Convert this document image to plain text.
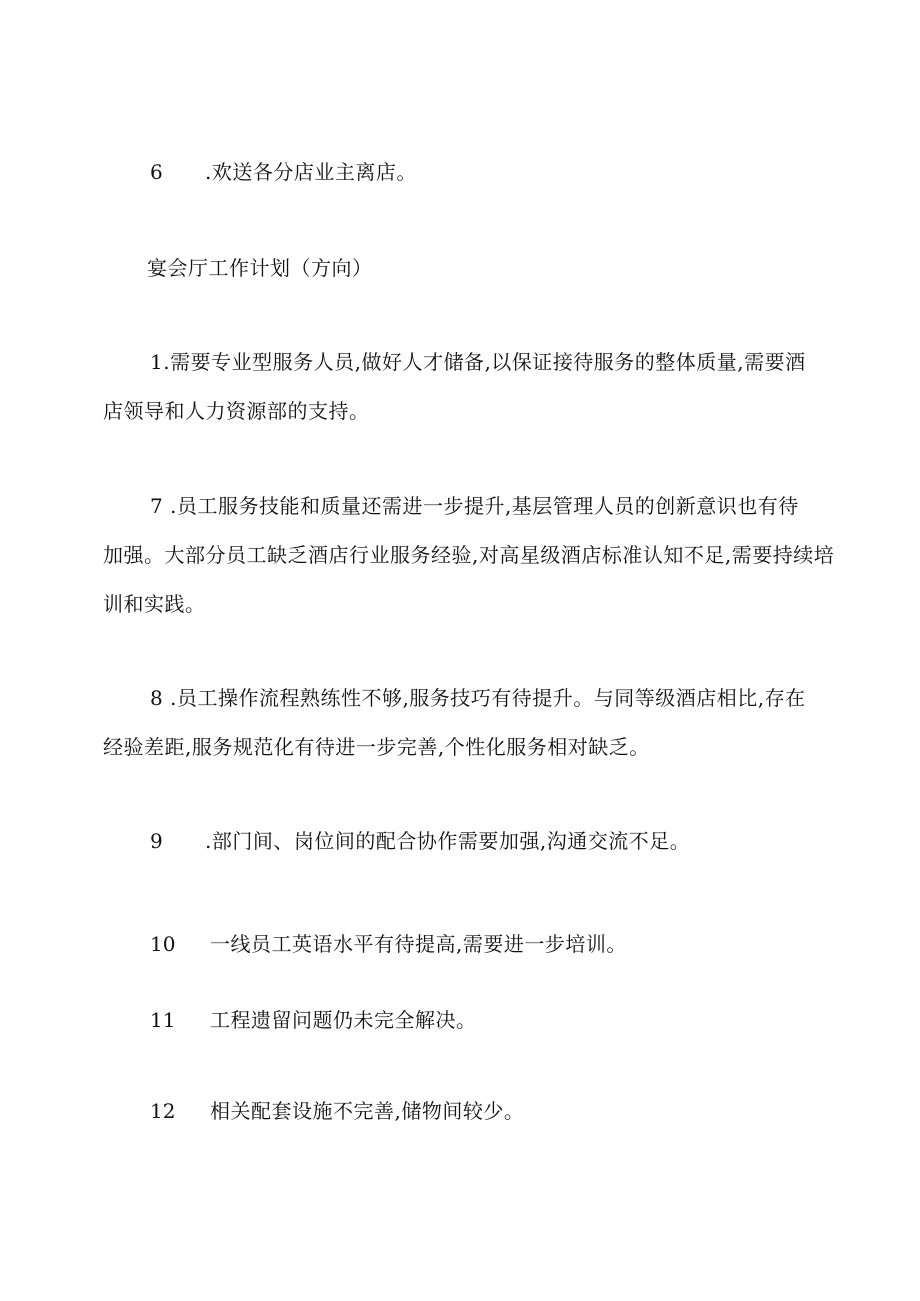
6 .欢送各分店业主离店。
宴会厅工作计划（方向）
1.需要专业型服务人员,做好人才储备,以保证接待服务的整体质量,需要酒
店领导和人力资源部的支持。
7 .员工服务技能和质量还需进一步提升,基层管理人员的创新意识也有待
加强。大部分员工缺乏酒店行业服务经验,对高星级酒店标准认知不足,需要持续培
训和实践。
8 .员工操作流程熟练性不够,服务技巧有待提升。与同等级酒店相比,存在
经验差距,服务规范化有待进一步完善,个性化服务相对缺乏。
9 .部门间、岗位间的配合协作需要加强,沟通交流不足。
10 一线员工英语水平有待提高,需要进一步培训。
11 工程遗留问题仍未完全解决。
12 相关配套设施不完善,储物间较少。
